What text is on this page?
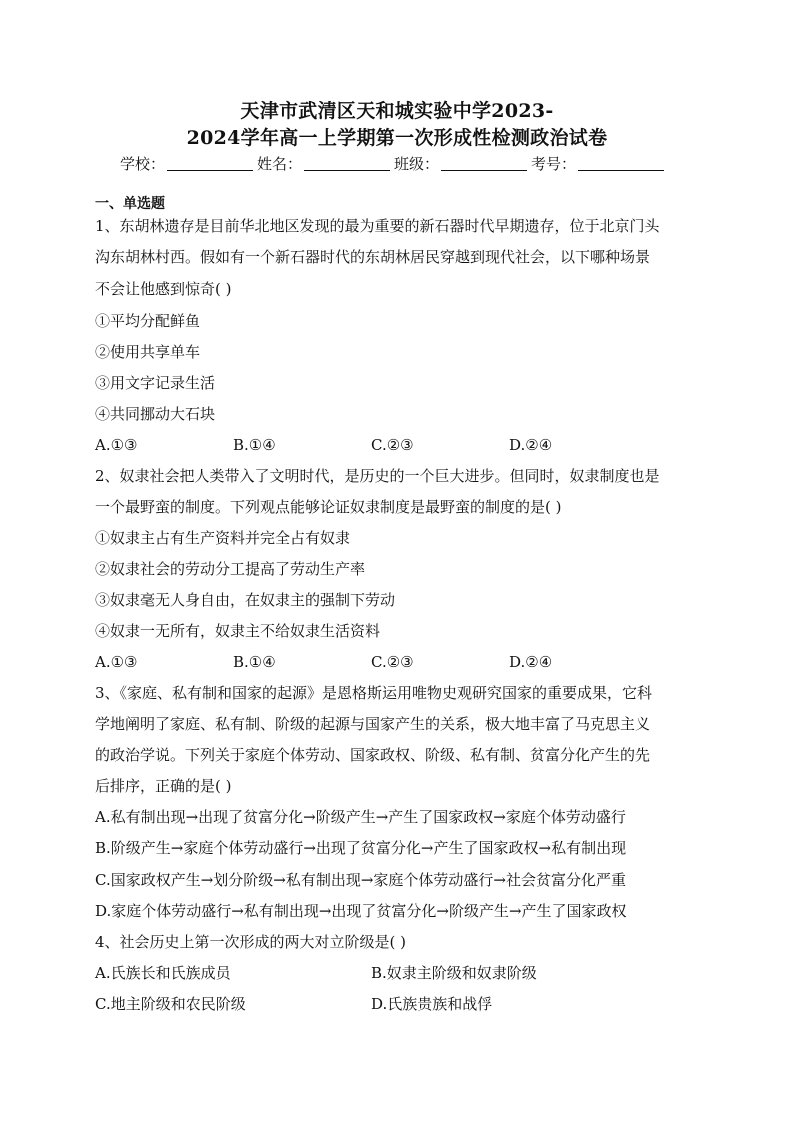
天津市武清区天和城实验中学2023-
2024学年高一上学期第一次形成性检测政治试卷
学校：	姓名：	班级：	考号：
一、单选题
1、东胡林遗存是目前华北地区发现的最为重要的新石器时代早期遗存，位于北京门头
沟东胡林村西。假如有一个新石器时代的东胡林居民穿越到现代社会，以下哪种场景
不会让他感到惊奇( )
①平均分配鲜鱼
②使用共享单车
③用文字记录生活
④共同挪动大石块
A.①③	B.①④	C.②③	D.②④
2、奴隶社会把人类带入了文明时代，是历史的一个巨大进步。但同时，奴隶制度也是
一个最野蛮的制度。下列观点能够论证奴隶制度是最野蛮的制度的是( )
①奴隶主占有生产资料并完全占有奴隶
②奴隶社会的劳动分工提高了劳动生产率
③奴隶毫无人身自由，在奴隶主的强制下劳动
④奴隶一无所有，奴隶主不给奴隶生活资料
A.①③	B.①④	C.②③	D.②④
3、《家庭、私有制和国家的起源》是恩格斯运用唯物史观研究国家的重要成果，它科
学地阐明了家庭、私有制、阶级的起源与国家产生的关系，极大地丰富了马克思主义
的政治学说。下列关于家庭个体劳动、国家政权、阶级、私有制、贫富分化产生的先
后排序，正确的是( )
A.私有制出现→出现了贫富分化→阶级产生→产生了国家政权→家庭个体劳动盛行
B.阶级产生→家庭个体劳动盛行→出现了贫富分化→产生了国家政权→私有制出现
C.国家政权产生→划分阶级→私有制出现→家庭个体劳动盛行→社会贫富分化严重
D.家庭个体劳动盛行→私有制出现→出现了贫富分化→阶级产生→产生了国家政权
4、社会历史上第一次形成的两大对立阶级是( )
A.氏族长和氏族成员	B.奴隶主阶级和奴隶阶级
C.地主阶级和农民阶级	D.氏族贵族和战俘
